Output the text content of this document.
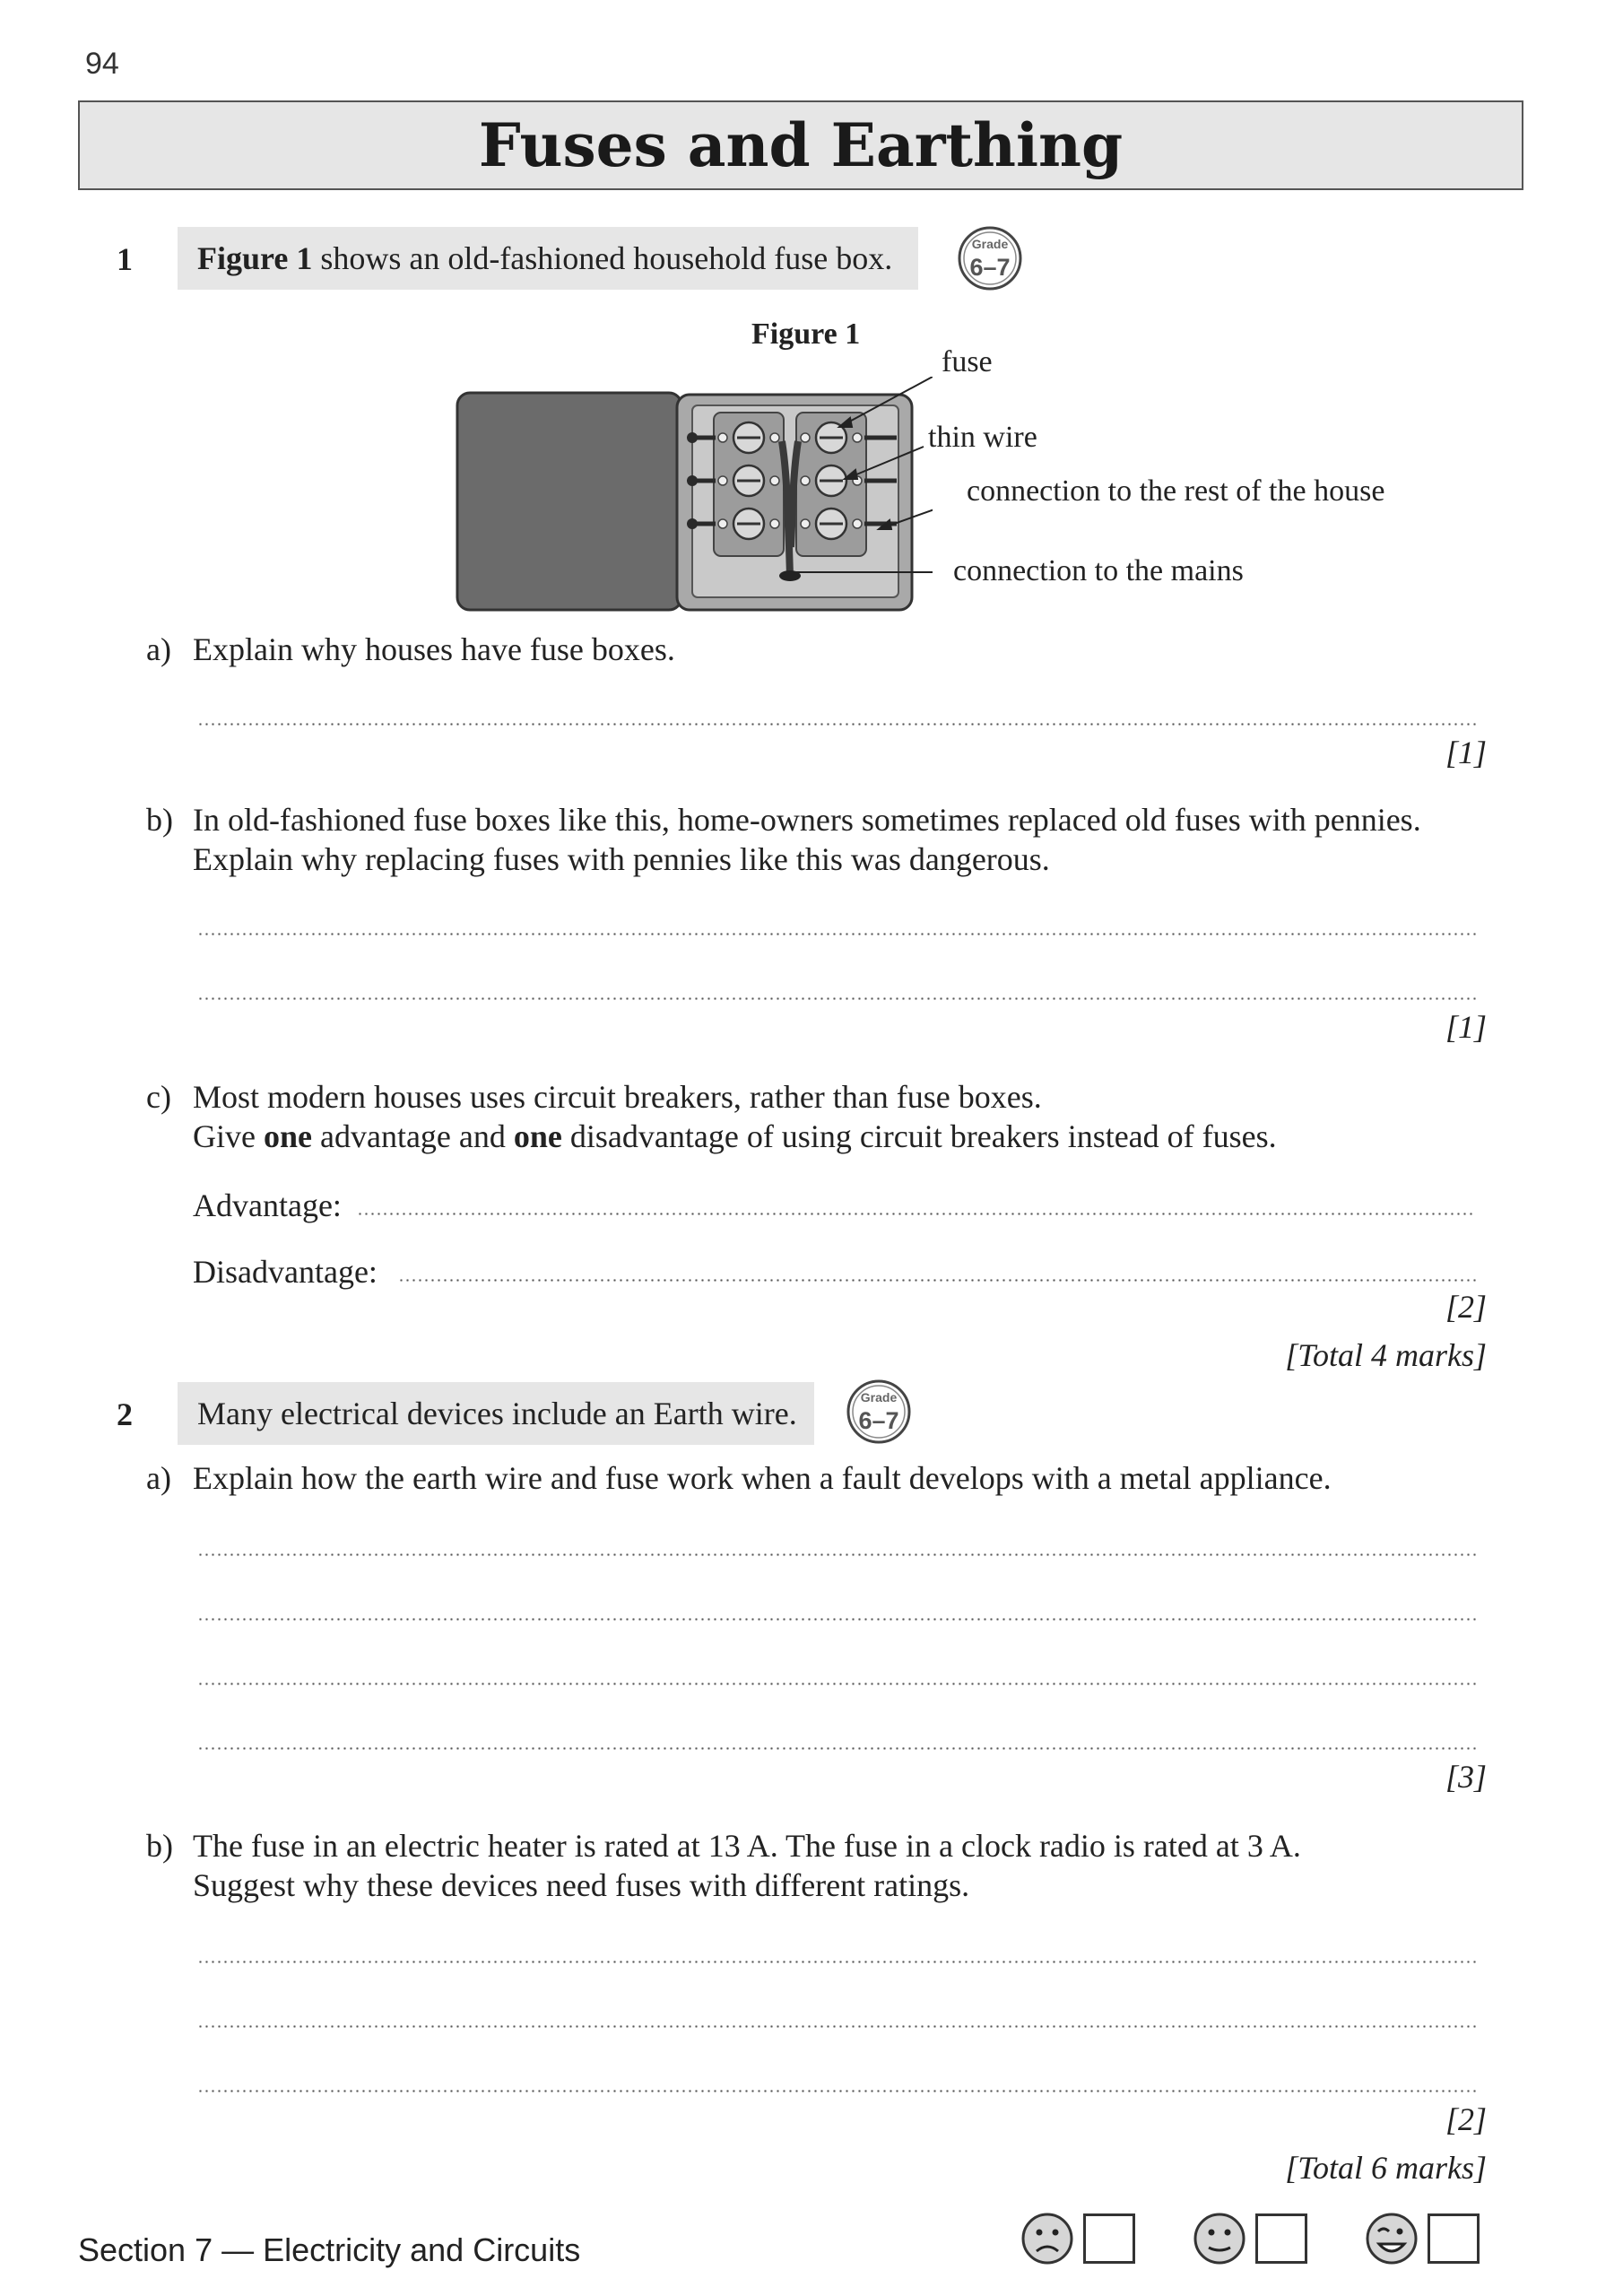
94
Fuses and Earthing
1	Figure 1 shows an old-fashioned household fuse box.	Grade
6–7
Figure 1
fuse
thin wire
connection to the rest of the house
connection to the mains
a) Explain why houses have fuse boxes.
[1]
b) In old-fashioned fuse boxes like this, home-owners sometimes replaced old fuses with pennies.
Explain why replacing fuses with pennies like this was dangerous.
[1]
c) Most modern houses uses circuit breakers, rather than fuse boxes.
Give one advantage and one disadvantage of using circuit breakers instead of fuses.
Advantage:
Disadvantage:
[2]
[Total 4 marks]
2	Many electrical devices include an Earth wire.	Grade
6–7
a) Explain how the earth wire and fuse work when a fault develops with a metal appliance.
[3]
b) The fuse in an electric heater is rated at 13 A. The fuse in a clock radio is rated at 3 A.
Suggest why these devices need fuses with different ratings.
[2]
[Total 6 marks]
Section 7 — Electricity and Circuits
